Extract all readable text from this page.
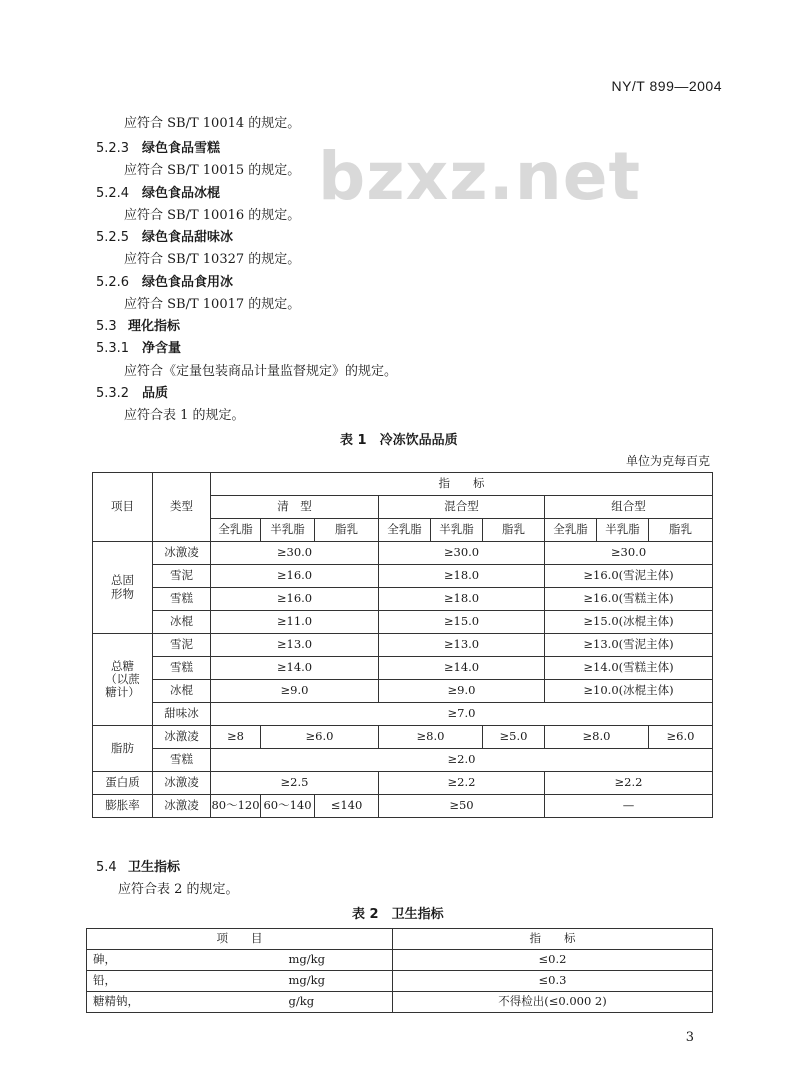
NY/T 899—2004
bzxz.net
应符合 SB/T 10014 的规定。
5.2.3 绿色食品雪糕
应符合 SB/T 10015 的规定。
5.2.4 绿色食品冰棍
应符合 SB/T 10016 的规定。
5.2.5 绿色食品甜味冰
应符合 SB/T 10327 的规定。
5.2.6 绿色食品食用冰
应符合 SB/T 10017 的规定。
5.3 理化指标
5.3.1 净含量
应符合《定量包装商品计量监督规定》的规定。
5.3.2 品质
应符合表 1 的规定。
表 1　冷冻饮品品质
单位为克每百克
项目	类型	指　　标								
		清　型			混合型			组合型		
		全乳脂	半乳脂	脂乳	全乳脂	半乳脂	脂乳	全乳脂	半乳脂	脂乳
总固
形物	冰激凌	≥30.0			≥30.0			≥30.0		
	雪泥	≥16.0			≥18.0			≥16.0(雪泥主体)		
	雪糕	≥16.0			≥18.0			≥16.0(雪糕主体)		
	冰棍	≥11.0			≥15.0			≥15.0(冰棍主体)		
总糖
（以蔗
糖计）	雪泥	≥13.0			≥13.0			≥13.0(雪泥主体)		
	雪糕	≥14.0			≥14.0			≥14.0(雪糕主体)		
	冰棍	≥9.0			≥9.0			≥10.0(冰棍主体)		
	甜味冰	≥7.0								
脂肪	冰激凌	≥8	≥6.0		≥8.0		≥5.0	≥8.0		≥6.0
	雪糕	≥2.0								
蛋白质	冰激凌	≥2.5			≥2.2			≥2.2		
膨胀率	冰激凌	80～120	60～140	≤140	≥50			—		
5.4 卫生指标
应符合表 2 的规定。
表 2　卫生指标
项　　目		指　　标
砷，	mg/kg	≤0.2
铅，	mg/kg	≤0.3
糖精钠，	g/kg	不得检出(≤0.000 2)
3
